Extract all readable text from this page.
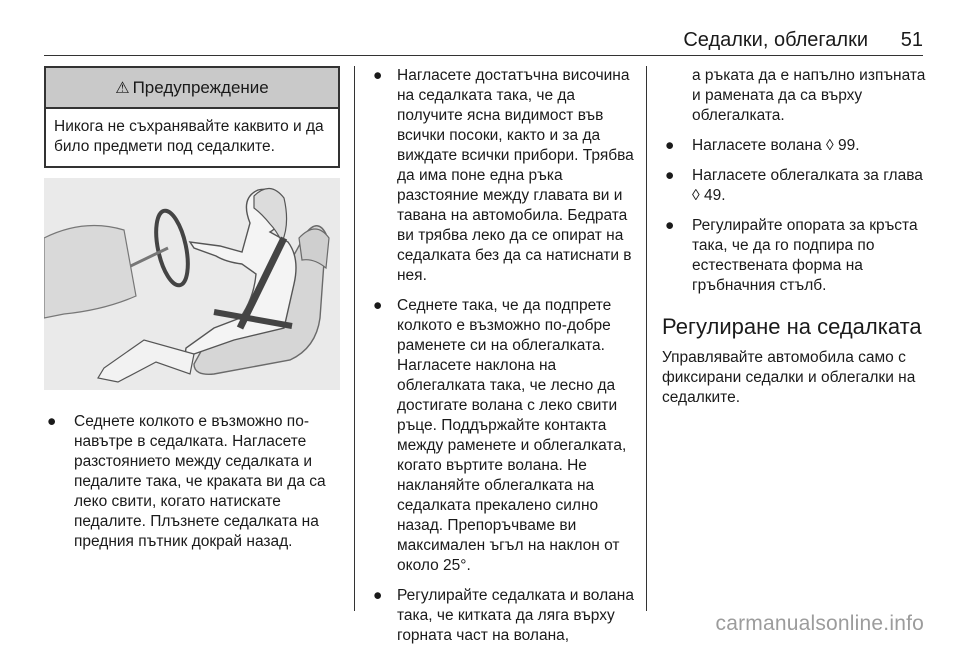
Седалки, облегалки 51
⚠ Предупреждение
Никога не съхранявайте каквито и да било предмети под седалките.
● Седнете колкото е възможно по-навътре в седалката. Нагласете разстоянието между седалката и педалите така, че краката ви да са леко свити, когато натискате педалите. Плъзнете седалката на предния пътник докрай назад.
● Нагласете достатъчна височина на седалката така, че да получите ясна видимост във всички посоки, както и за да виждате всички прибори. Трябва да има поне една ръка разстояние между главата ви и тавана на автомобила. Бедрата ви трябва леко да се опират на седалката без да са натиснати в нея.
● Седнете така, че да подпрете колкото е възможно по-добре раменете си на облегалката. Нагласете наклона на облегалката така, че лесно да достигате волана с леко свити ръце. Поддържайте контакта между раменете и облегалката, когато въртите волана. Не накланяйте облегалката на седалката прекалено силно назад. Препоръчваме ви максимален ъгъл на наклон от около 25°.
● Регулирайте седалката и волана така, че китката да ляга върху горната част на волана,
а ръката да е напълно изпъната и рамената да са върху облегалката.
● Нагласете волана ◊ 99.
● Нагласете облегалката за глава ◊ 49.
● Регулирайте опората за кръста така, че да го подпира по естествената форма на гръбначния стълб.
Регулиране на седалката
Управлявайте автомобила само с фиксирани седалки и облегалки на седалките.
carmanualsonline.info
